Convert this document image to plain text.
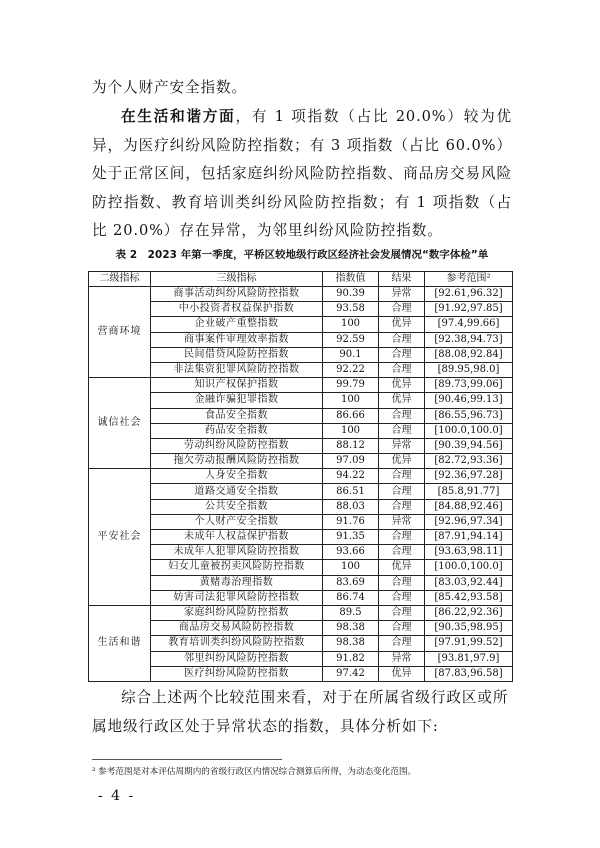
为个人财产安全指数。

在生活和谐方面，有 1 项指数（占比 20.0%）较为优异，为医疗纠纷风险防控指数；有 3 项指数（占比 60.0%）处于正常区间，包括家庭纠纷风险防控指数、商品房交易风险防控指数、教育培训类纠纷风险防控指数；有 1 项指数（占比 20.0%）存在异常，为邻里纠纷风险防控指数。

表 2　2023 年第一季度，平桥区较地级行政区经济社会发展情况“数字体检”单
二级指标	三级指标	指数值	结果	参考范围²
营商环境	商事活动纠纷风险防控指数	90.39	异常	[92.61,96.32]
	中小投资者权益保护指数	93.58	合理	[91.92,97.85]
	企业破产重整指数	100	优异	[97.4,99.66]
	商事案件审理效率指数	92.59	合理	[92.38,94.73]
	民间借贷风险防控指数	90.1	合理	[88.08,92.84]
	非法集资犯罪风险防控指数	92.22	合理	[89.95,98.0]
诚信社会	知识产权保护指数	99.79	优异	[89.73,99.06]
	金融诈骗犯罪指数	100	优异	[90.46,99.13]
	食品安全指数	86.66	合理	[86.55,96.73]
	药品安全指数	100	合理	[100.0,100.0]
	劳动纠纷风险防控指数	88.12	异常	[90.39,94.56]
	拖欠劳动报酬风险防控指数	97.09	优异	[82.72,93.36]
平安社会	人身安全指数	94.22	合理	[92.36,97.28]
	道路交通安全指数	86.51	合理	[85.8,91.77]
	公共安全指数	88.03	合理	[84.88,92.46]
	个人财产安全指数	91.76	异常	[92.96,97.34]
	未成年人权益保护指数	91.35	合理	[87.91,94.14]
	未成年人犯罪风险防控指数	93.66	合理	[93.63,98.11]
	妇女儿童被拐卖风险防控指数	100	优异	[100.0,100.0]
	黄赌毒治理指数	83.69	合理	[83.03,92.44]
	妨害司法犯罪风险防控指数	86.74	合理	[85.42,93.58]
生活和谐	家庭纠纷风险防控指数	89.5	合理	[86.22,92.36]
	商品房交易风险防控指数	98.38	合理	[90.35,98.95]
	教育培训类纠纷风险防控指数	98.38	合理	[97.91,99.52]
	邻里纠纷风险防控指数	91.82	异常	[93.81,97.9]
	医疗纠纷风险防控指数	97.42	优异	[87.83,96.58]

综合上述两个比较范围来看，对于在所属省级行政区或所属地级行政区处于异常状态的指数，具体分析如下:

² 参考范围是对本评估周期内的省级行政区内情况综合测算后所得，为动态变化范围。
- 4 -
